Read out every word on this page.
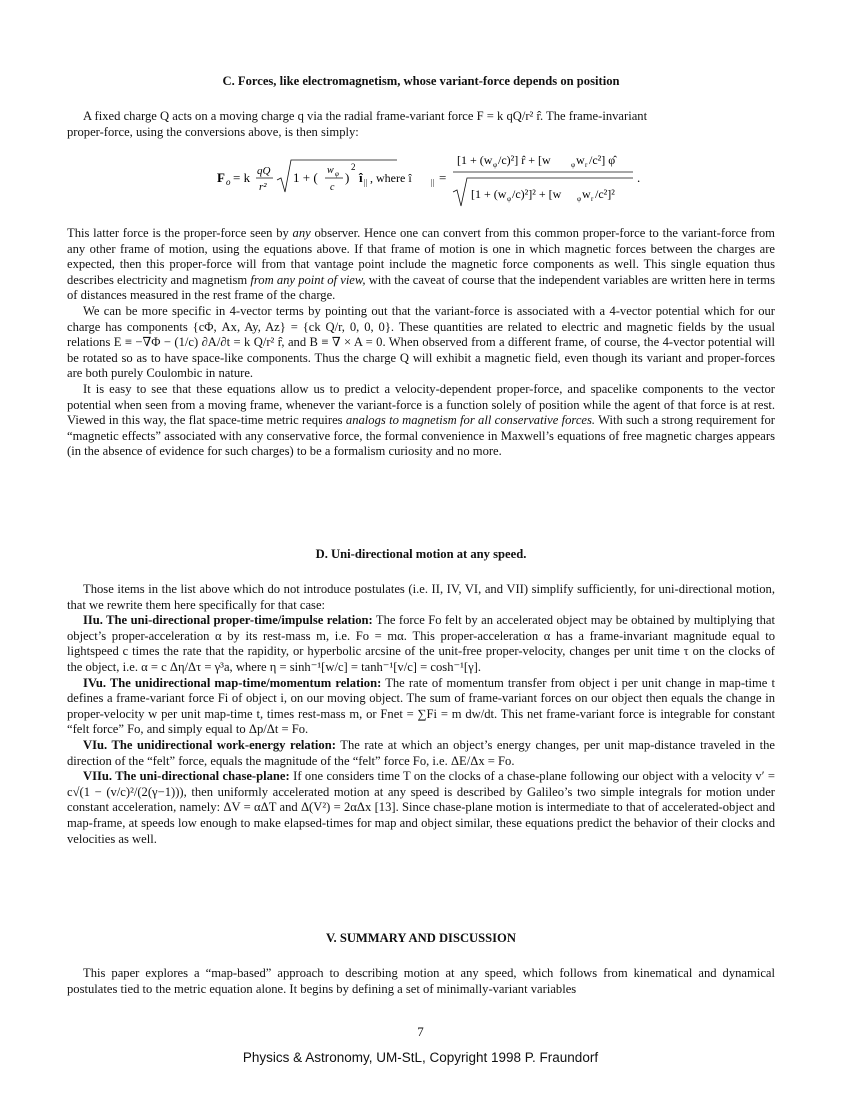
C. Forces, like electromagnetism, whose variant-force depends on position

A fixed charge Q acts on a moving charge q via the radial frame-variant force F = k qQ/r² r̂. The frame-invariant

proper-force, using the conversions above, is then simply:

F o = k qQ
r²
1 + ( w φ
c
)
2
î || , where î || =
[1 + (w φ /c)²] r̂ + [w	φ w r /c²] φ̂
[1 + (w φ /c)²]² + [w φ w r /c²]²
.

This latter force is the proper-force seen by any observer. Hence one can convert from this common proper-force to the variant-force from any other frame of motion, using the equations above. If that frame of motion is one in which magnetic forces between the charges are expected, then this proper-force will from that vantage point include the magnetic force components as well. This single equation thus describes electricity and magnetism from any point of view, with the caveat of course that the independent variables are written here in terms of distances measured in the rest frame of the charge.

We can be more specific in 4-vector terms by pointing out that the variant-force is associated with a 4-vector potential which for our charge has components {cΦ, Ax, Ay, Az} = {ck Q/r, 0, 0, 0}. These quantities are related to electric and magnetic fields by the usual relations E ≡ −∇Φ − (1/c) ∂A/∂t = k Q/r² r̂, and B ≡ ∇ × A = 0. When observed from a different frame, of course, the 4-vector potential will be rotated so as to have space-like components. Thus the charge Q will exhibit a magnetic field, even though its variant and proper-forces are both purely Coulombic in nature.

It is easy to see that these equations allow us to predict a velocity-dependent proper-force, and spacelike components to the vector potential when seen from a moving frame, whenever the variant-force is a function solely of position while the agent of that force is at rest. Viewed in this way, the flat space-time metric requires analogs to magnetism for all conservative forces. With such a strong requirement for “magnetic effects” associated with any conservative force, the formal convenience in Maxwell’s equations of free magnetic charges appears (in the absence of evidence for such charges) to be a formalism curiosity and no more.

D. Uni-directional motion at any speed.

Those items in the list above which do not introduce postulates (i.e. II, IV, VI, and VII) simplify sufficiently, for uni-directional motion, that we rewrite them here specifically for that case:

IIu. The uni-directional proper-time/impulse relation: The force Fo felt by an accelerated object may be obtained by multiplying that object’s proper-acceleration α by its rest-mass m, i.e. Fo = mα. This proper-acceleration α has a frame-invariant magnitude equal to lightspeed c times the rate that the rapidity, or hyperbolic arcsine of the unit-free proper-velocity, changes per unit time τ on the clocks of the object, i.e. α = c Δη/Δτ = γ³a, where η = sinh⁻¹[w/c] = tanh⁻¹[v/c] = cosh⁻¹[γ].

IVu. The unidirectional map-time/momentum relation: The rate of momentum transfer from object i per unit change in map-time t defines a frame-variant force Fi of object i, on our moving object. The sum of frame-variant forces on our object then equals the change in proper-velocity w per unit map-time t, times rest-mass m, or Fnet = ∑Fi = m dw/dt. This net frame-variant force is integrable for constant “felt force” Fo, and simply equal to Δp/Δt = Fo.

VIu. The unidirectional work-energy relation: The rate at which an object’s energy changes, per unit map-distance traveled in the direction of the “felt” force, equals the magnitude of the “felt” force Fo, i.e. ΔE/Δx = Fo.

VIIu. The uni-directional chase-plane: If one considers time T on the clocks of a chase-plane following our object with a velocity v′ = c√(1 − (v/c)²/(2(γ−1))), then uniformly accelerated motion at any speed is described by Galileo’s two simple integrals for motion under constant acceleration, namely: ΔV = αΔT and Δ(V²) = 2αΔx [13]. Since chase-plane motion is intermediate to that of accelerated-object and map-frame, at speeds low enough to make elapsed-times for map and object similar, these equations predict the behavior of their clocks and velocities as well.

V. SUMMARY AND DISCUSSION

This paper explores a “map-based” approach to describing motion at any speed, which follows from kinematical and dynamical postulates tied to the metric equation alone. It begins by defining a set of minimally-variant variables

7
Physics & Astronomy, UM-StL, Copyright 1998 P. Fraundorf
